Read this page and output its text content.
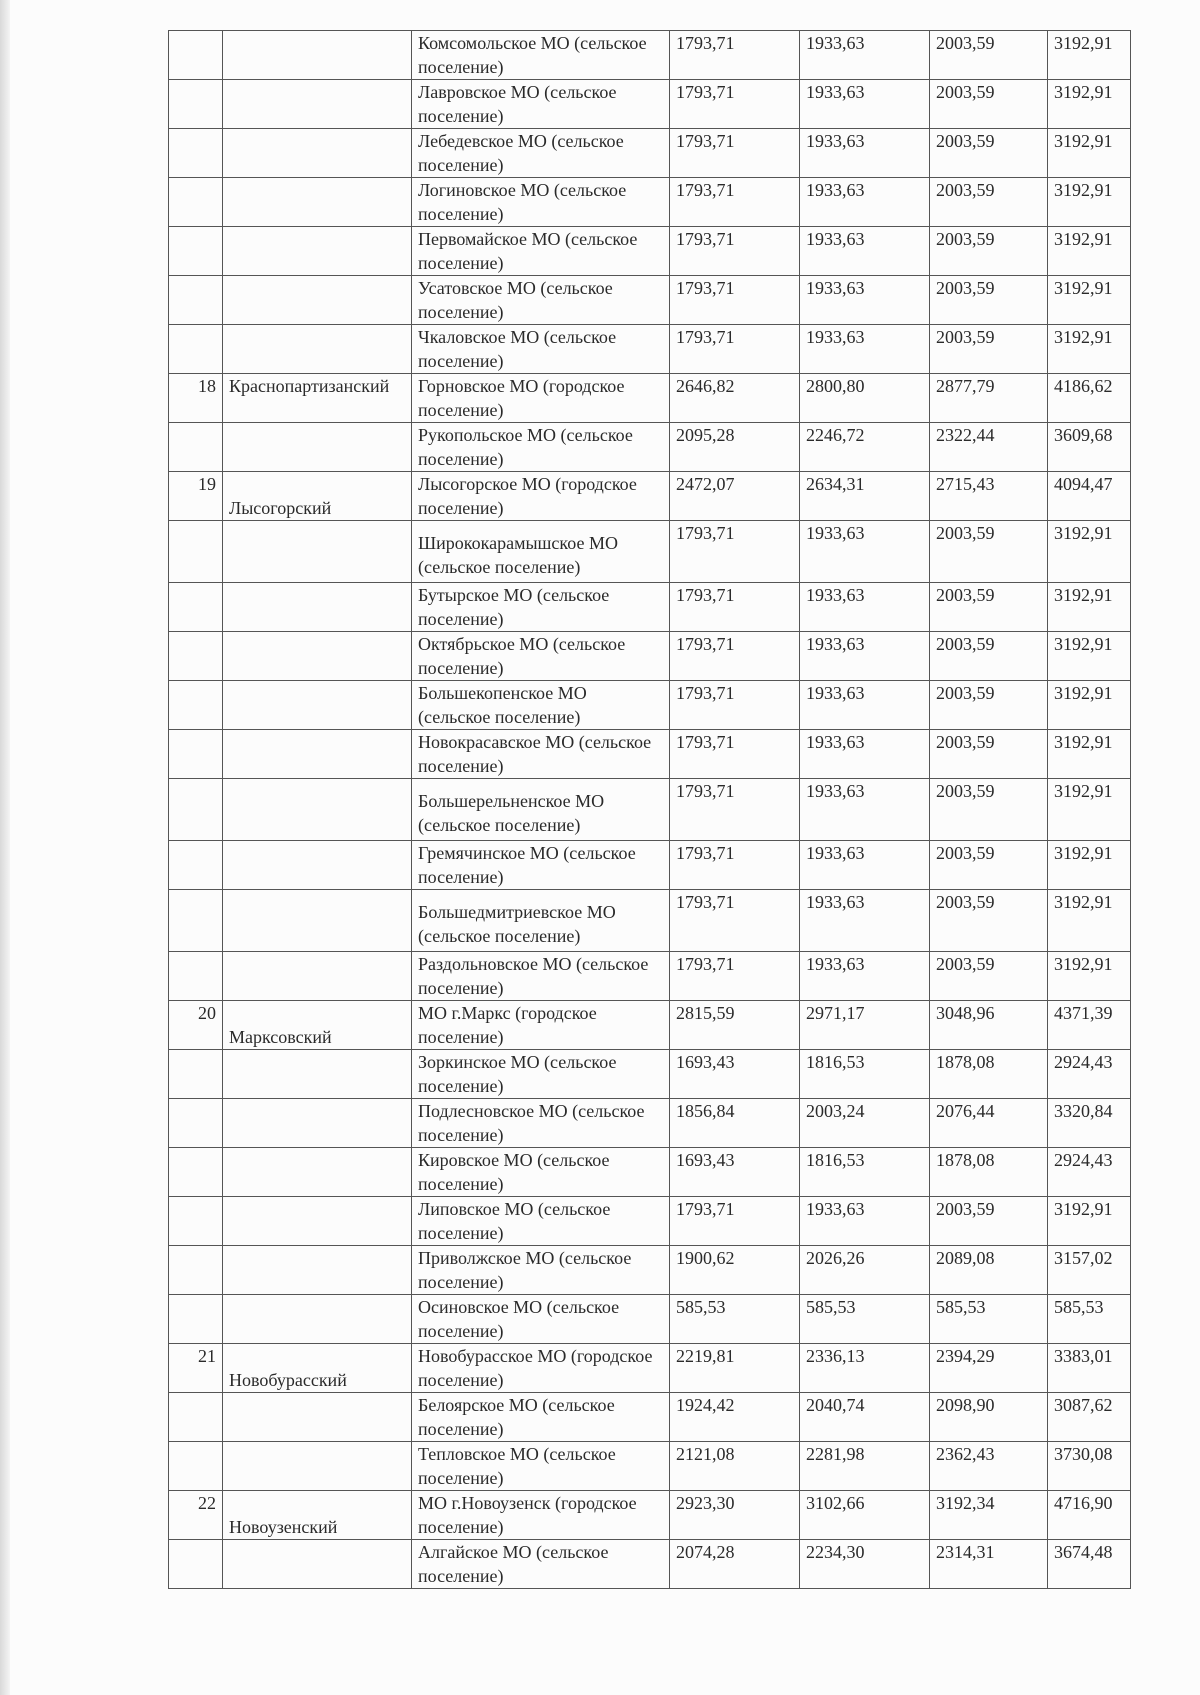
		Комсомольское МО (сельское поселение)	1793,71	1933,63	2003,59	3192,91
		Лавровское МО (сельское поселение)	1793,71	1933,63	2003,59	3192,91
		Лебедевское МО (сельское поселение)	1793,71	1933,63	2003,59	3192,91
		Логиновское МО (сельское поселение)	1793,71	1933,63	2003,59	3192,91
		Первомайское МО (сельское поселение)	1793,71	1933,63	2003,59	3192,91
		Усатовское МО (сельское поселение)	1793,71	1933,63	2003,59	3192,91
		Чкаловское МО (сельское поселение)	1793,71	1933,63	2003,59	3192,91
18	Краснопартизанский	Горновское МО (городское поселение)	2646,82	2800,80	2877,79	4186,62
		Рукопольское МО (сельское поселение)	2095,28	2246,72	2322,44	3609,68
19	Лысогорский	Лысогорское МО (городское поселение)	2472,07	2634,31	2715,43	4094,47
		Ширококарамышское МО (сельское поселение)	1793,71	1933,63	2003,59	3192,91
		Бутырское МО (сельское поселение)	1793,71	1933,63	2003,59	3192,91
		Октябрьское МО (сельское поселение)	1793,71	1933,63	2003,59	3192,91
		Большекопенское МО (сельское поселение)	1793,71	1933,63	2003,59	3192,91
		Новокрасавское МО (сельское поселение)	1793,71	1933,63	2003,59	3192,91
		Большерельненское МО (сельское поселение)	1793,71	1933,63	2003,59	3192,91
		Гремячинское МО (сельское поселение)	1793,71	1933,63	2003,59	3192,91
		Большедмитриевское МО (сельское поселение)	1793,71	1933,63	2003,59	3192,91
		Раздольновское МО (сельское поселение)	1793,71	1933,63	2003,59	3192,91
20	Марксовский	МО г.Маркс (городское поселение)	2815,59	2971,17	3048,96	4371,39
		Зоркинское МО (сельское поселение)	1693,43	1816,53	1878,08	2924,43
		Подлесновское МО (сельское поселение)	1856,84	2003,24	2076,44	3320,84
		Кировское МО (сельское поселение)	1693,43	1816,53	1878,08	2924,43
		Липовское МО (сельское поселение)	1793,71	1933,63	2003,59	3192,91
		Приволжское МО (сельское поселение)	1900,62	2026,26	2089,08	3157,02
		Осиновское МО (сельское поселение)	585,53	585,53	585,53	585,53
21	Новобурасский	Новобурасское МО (городское поселение)	2219,81	2336,13	2394,29	3383,01
		Белоярское МО (сельское поселение)	1924,42	2040,74	2098,90	3087,62
		Тепловское МО (сельское поселение)	2121,08	2281,98	2362,43	3730,08
22	Новоузенский	МО г.Новоузенск (городское поселение)	2923,30	3102,66	3192,34	4716,90
		Алгайское МО (сельское поселение)	2074,28	2234,30	2314,31	3674,48
